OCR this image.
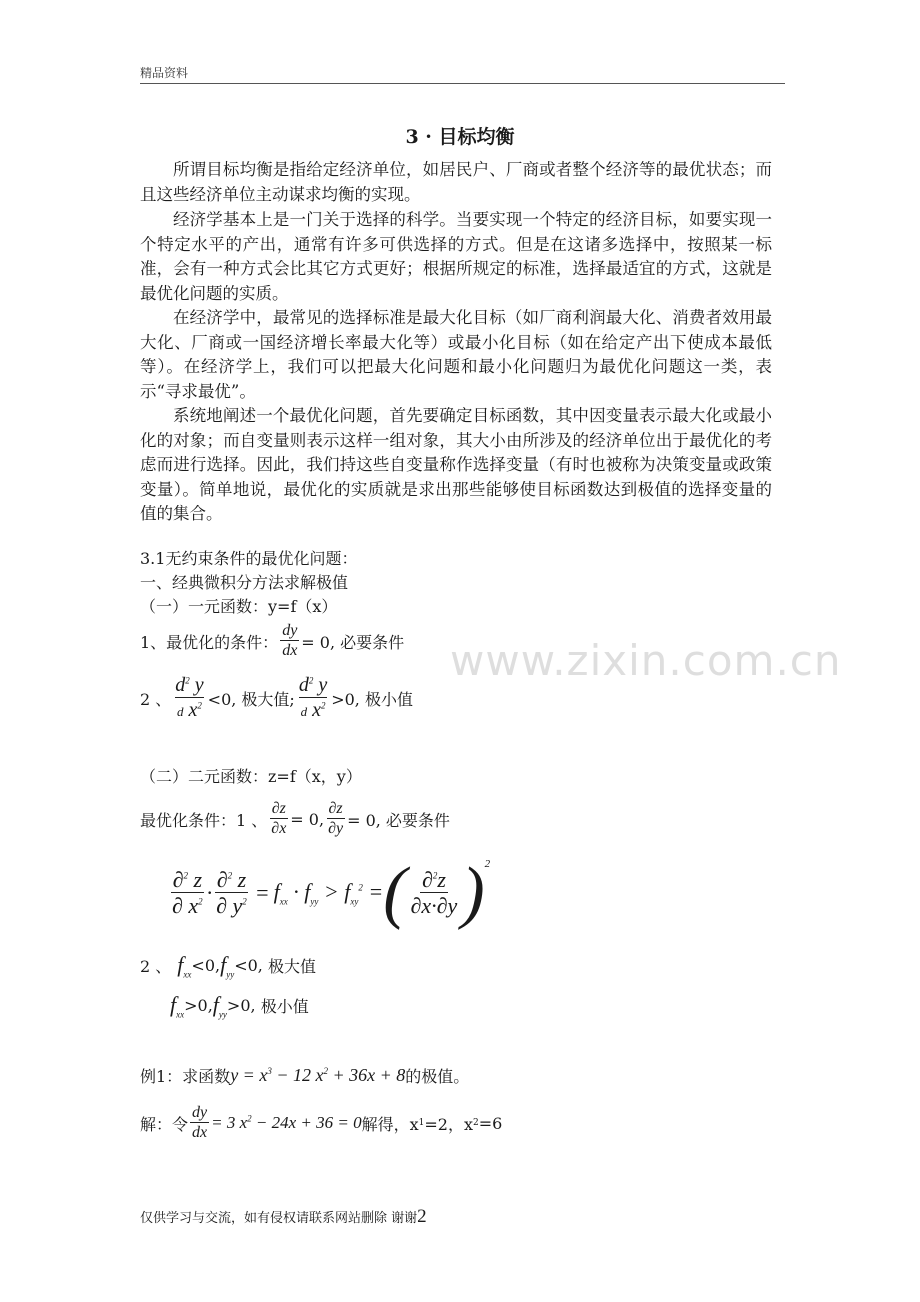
精品资料
3 · 目标均衡
所谓目标均衡是指给定经济单位，如居民户、厂商或者整个经济等的最优状态；而且这些经济单位主动谋求均衡的实现。
经济学基本上是一门关于选择的科学。当要实现一个特定的经济目标，如要实现一个特定水平的产出，通常有许多可供选择的方式。但是在这诸多选择中，按照某一标准，会有一种方式会比其它方式更好；根据所规定的标准，选择最适宜的方式，这就是最优化问题的实质。
在经济学中，最常见的选择标准是最大化目标（如厂商利润最大化、消费者效用最大化、厂商或一国经济增长率最大化等）或最小化目标（如在给定产出下使成本最低等）。在经济学上，我们可以把最大化问题和最小化问题归为最优化问题这一类，表示“寻求最优”。
系统地阐述一个最优化问题，首先要确定目标函数，其中因变量表示最大化或最小化的对象；而自变量则表示这样一组对象，其大小由所涉及的经济单位出于最优化的考虑而进行选择。因此，我们持这些自变量称作选择变量（有时也被称为决策变量或政策变量）。简单地说，最优化的实质就是求出那些能够使目标函数达到极值的选择变量的值的集合。
3.1无约束条件的最优化问题：
一、经典微积分方法求解极值
（一）一元函数：y=f（x）
1、最优化的条件： $\frac{dy}{dx} = 0$, 必要条件
2 、 $\frac{d^2 y}{d x^2} <0$, 极大值; $\frac{d^2 y}{d x^2} >0$, 极小值
（二）二元函数：z=f（x，y）
最优化条件：1 、 $\frac{\partial z}{\partial x} = 0$, $\frac{\partial z}{\partial y} = 0$, 必要条件
$\frac{\partial^2 z}{\partial x^2} \cdot \frac{\partial^2 z}{\partial y^2} = f_{xx} \cdot f_{yy} > f_{xy}^2$ = ( $\frac{\partial^2z}{\partial x\cdot\partial y} )^2$
2 、 $f_{xx} <0$, $f_{yy} <0$, 极大值
$f_{xx} >0$, $f_{yy} >0$, 极小值
例1：求函数 $y = x^3 - 12$ $x^2 + 36x + 8$ 的极值。
解：令 $\frac{dy}{dx} = 3$ $x^2 - 24x + 36 = 0$ 解得，x 1 =2，x 2 =6
www.zixin.com.cn
仅供学习与交流，如有侵权请联系网站删除 谢谢2
